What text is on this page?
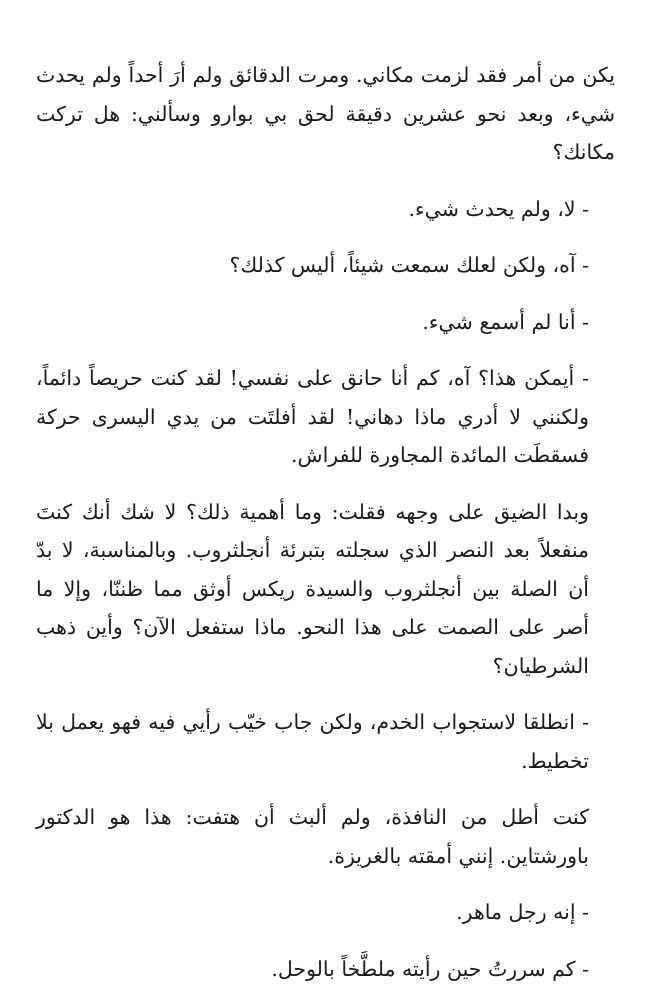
يكن من أمر فقد لزمت مكاني. ومرت الدقائق ولم أرَ أحداً ولم يحدث شيء، وبعد نحو عشرين دقيقة لحق بي بوارو وسألني: هل تركت مكانك؟

- لا، ولم يحدث شيء.

- آه، ولكن لعلك سمعت شيئاً، أليس كذلك؟

- أنا لم أسمع شيء.

- أيمكن هذا؟ آه، كم أنا حانق على نفسي! لقد كنت حريصاً دائماً، ولكنني لا أدري ماذا دهاني! لقد أفلتَت من يدي اليسرى حركة فسقطَت المائدة المجاورة للفراش.

وبدا الضيق على وجهه فقلت: وما أهمية ذلك؟ لا شك أنك كنتَ منفعلاً بعد النصر الذي سجلته بتبرئة أنجلثروب. وبالمناسبة، لا بدّ أن الصلة بين أنجلثروب والسيدة ريكس أوثق مما ظننّا، وإلا ما أصر على الصمت على هذا النحو. ماذا ستفعل الآن؟ وأين ذهب الشرطيان؟

- انطلقا لاستجواب الخدم، ولكن جاب خيّب رأيي فيه فهو يعمل بلا تخطيط.

كنت أطل من النافذة، ولم ألبث أن هتفت: هذا هو الدكتور باورشتاين. إنني أمقته بالغريزة.

- إنه رجل ماهر.

- كم سررتُ حين رأيته ملطَّخاً بالوحل.
